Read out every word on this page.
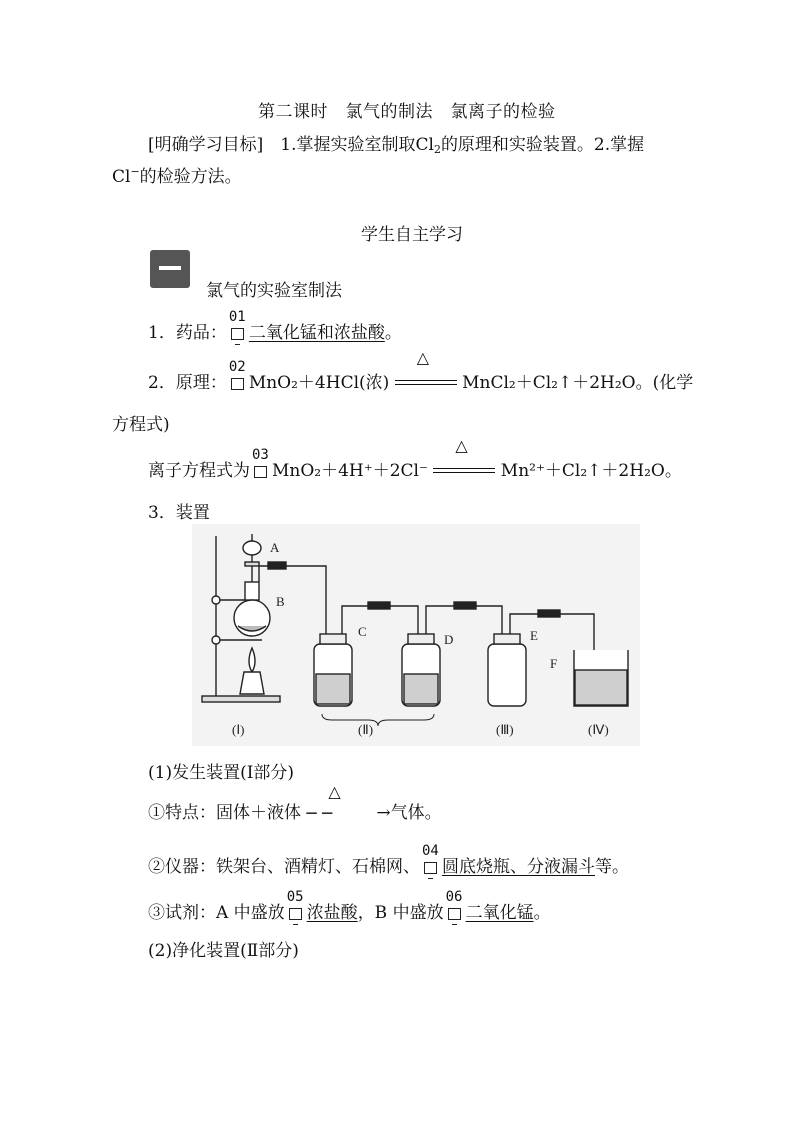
第二课时　氯气的制法　氯离子的检验
[明确学习目标]　1.掌握实验室制取$Cl_2$的原理和实验装置。2.掌握
Cl−的检验方法。
学生自主学习
氯气的实验室制法
1．药品：
01
二氧化锰和浓盐酸。
2．原理：
02
MnO₂＋4HCl(浓)
△
MnCl₂＋Cl₂↑＋2H₂O。(化学
方程式)
离子方程式为
03
MnO₂＋4H⁺＋2Cl⁻
△
Mn²⁺＋Cl₂↑＋2H₂O。
3．装置
A
B
C
D	E
F
(Ⅰ)	(Ⅱ)	(Ⅲ)	(Ⅳ)
(1)发生装置(Ⅰ部分)
①特点：固体＋液体
△
─ ─	→气体。
②仪器：铁架台、酒精灯、石棉网、
04
圆底烧瓶、分液漏斗等。
③试剂：A 中盛放
05
浓盐酸，B 中盛放
06
二氧化锰。
(2)净化装置(Ⅱ部分)
